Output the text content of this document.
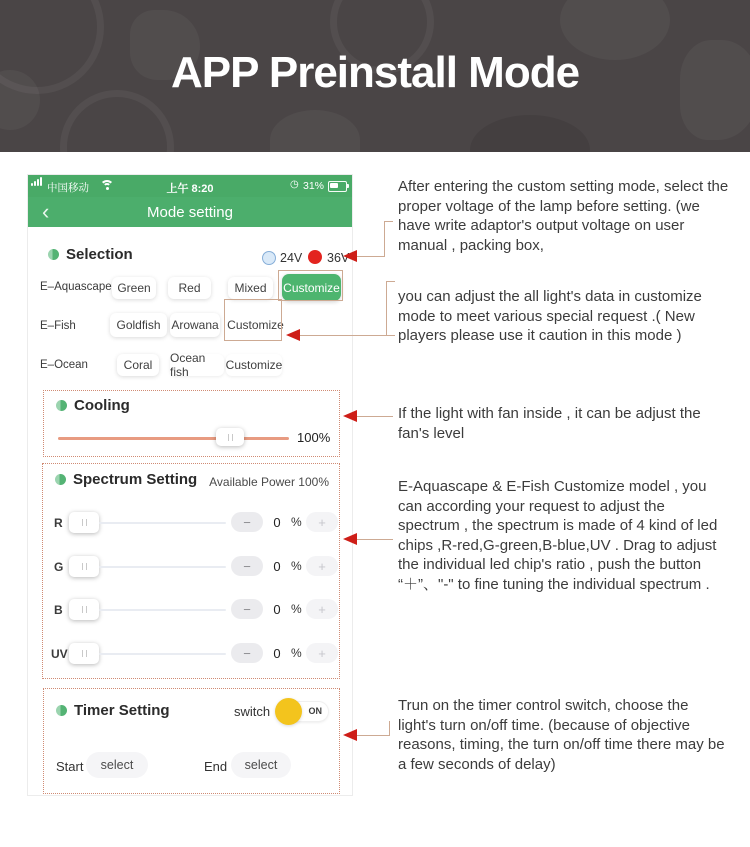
APP Preinstall Mode
中国移动	上午 8:20	◷ 31%
‹	Mode setting
Selection	24V 36V
E–Aquascape Green	Red	Mixed	Customize
E–Fish	Goldfish Arowana Customize
E–Ocean	Coral	Ocean fish	Customize
Cooling
100%
Spectrum Setting Available Power 100%
R	−	0 %	+
G	−	0 %	+
B	−	0 %	+
UV	−	0 %	+
Timer Setting	switch	ON
Start	select	End	select
After entering the custom setting mode, select the proper voltage of the lamp before setting. (we have write adaptor's output voltage on user manual , packing box,
you can adjust the all light's data in customize mode to meet various special request .( New players please use it caution in this mode )
If the light with fan inside , it can be adjust the fan's level
E-Aquascape & E-Fish Customize model , you can according your request to adjust the spectrum , the spectrum is made of 4 kind of led chips ,R-red,G-green,B-blue,UV . Drag to adjust the individual led chip's ratio , push the button “＋”、"-" to fine tuning the individual spectrum .
Trun on the timer control switch, choose the light's turn on/off time. (because of objective reasons, timing, the turn on/off time there may be a few seconds of delay)
